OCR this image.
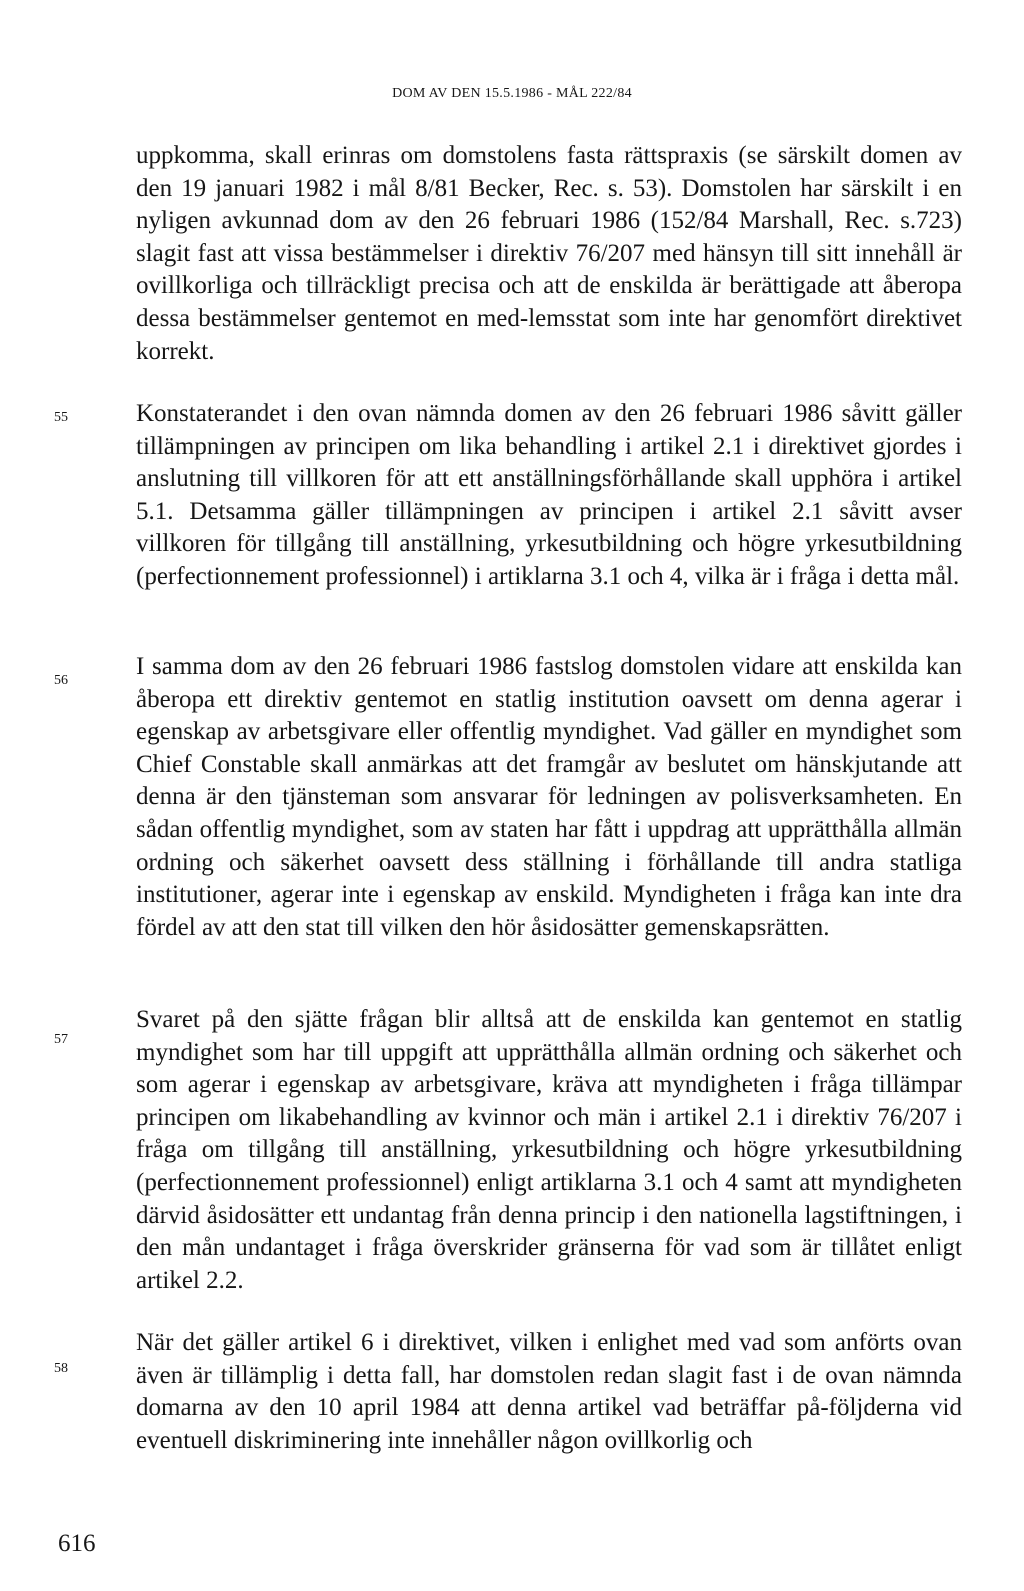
DOM AV DEN 15.5.1986 - MÅL 222/84

uppkomma, skall erinras om domstolens fasta rättspraxis (se särskilt domen av den 19 januari 1982 i mål 8/81 Becker, Rec. s. 53). Domstolen har särskilt i en nyligen avkunnad dom av den 26 februari 1986 (152/84 Marshall, Rec. s.723) slagit fast att vissa bestämmelser i direktiv 76/207 med hänsyn till sitt innehåll är ovillkorliga och tillräckligt precisa och att de enskilda är berättigade att åberopa dessa bestämmelser gentemot en med-lemsstat som inte har genomfört direktivet korrekt.

55	Konstaterandet i den ovan nämnda domen av den 26 februari 1986 såvitt gäller tillämpningen av principen om lika behandling i artikel 2.1 i direktivet gjordes i anslutning till villkoren för att ett anställningsförhållande skall upphöra i artikel 5.1. Detsamma gäller tillämpningen av principen i artikel 2.1 såvitt avser villkoren för tillgång till anställning, yrkesutbildning och högre yrkesutbildning (perfectionnement professionnel) i artiklarna 3.1 och 4, vilka är i fråga i detta mål.

56

I samma dom av den 26 februari 1986 fastslog domstolen vidare att enskilda kan åberopa ett direktiv gentemot en statlig institution oavsett om denna agerar i egenskap av arbetsgivare eller offentlig myndighet. Vad gäller en myndighet som Chief Constable skall anmärkas att det framgår av beslutet om hänskjutande att denna är den tjänsteman som ansvarar för ledningen av polisverksamheten. En sådan offentlig myndighet, som av staten har fått i uppdrag att upprätthålla allmän ordning och säkerhet oavsett dess ställning i förhållande till andra statliga institutioner, agerar inte i egenskap av enskild. Myndigheten i fråga kan inte dra fördel av att den stat till vilken den hör åsidosätter gemenskapsrätten.

57

Svaret på den sjätte frågan blir alltså att de enskilda kan gentemot en statlig myndighet som har till uppgift att upprätthålla allmän ordning och säkerhet och som agerar i egenskap av arbetsgivare, kräva att myndigheten i fråga tillämpar principen om likabehandling av kvinnor och män i artikel 2.1 i direktiv 76/207 i fråga om tillgång till anställning, yrkesutbildning och högre yrkesutbildning (perfectionnement professionnel) enligt artiklarna 3.1 och 4 samt att myndigheten därvid åsidosätter ett undantag från denna princip i den nationella lagstiftningen, i den mån undantaget i fråga överskrider gränserna för vad som är tillåtet enligt artikel 2.2.

58

När det gäller artikel 6 i direktivet, vilken i enlighet med vad som anförts ovan även är tillämplig i detta fall, har domstolen redan slagit fast i de ovan nämnda domarna av den 10 april 1984 att denna artikel vad beträffar på-följderna vid eventuell diskriminering inte innehåller någon ovillkorlig och

616
